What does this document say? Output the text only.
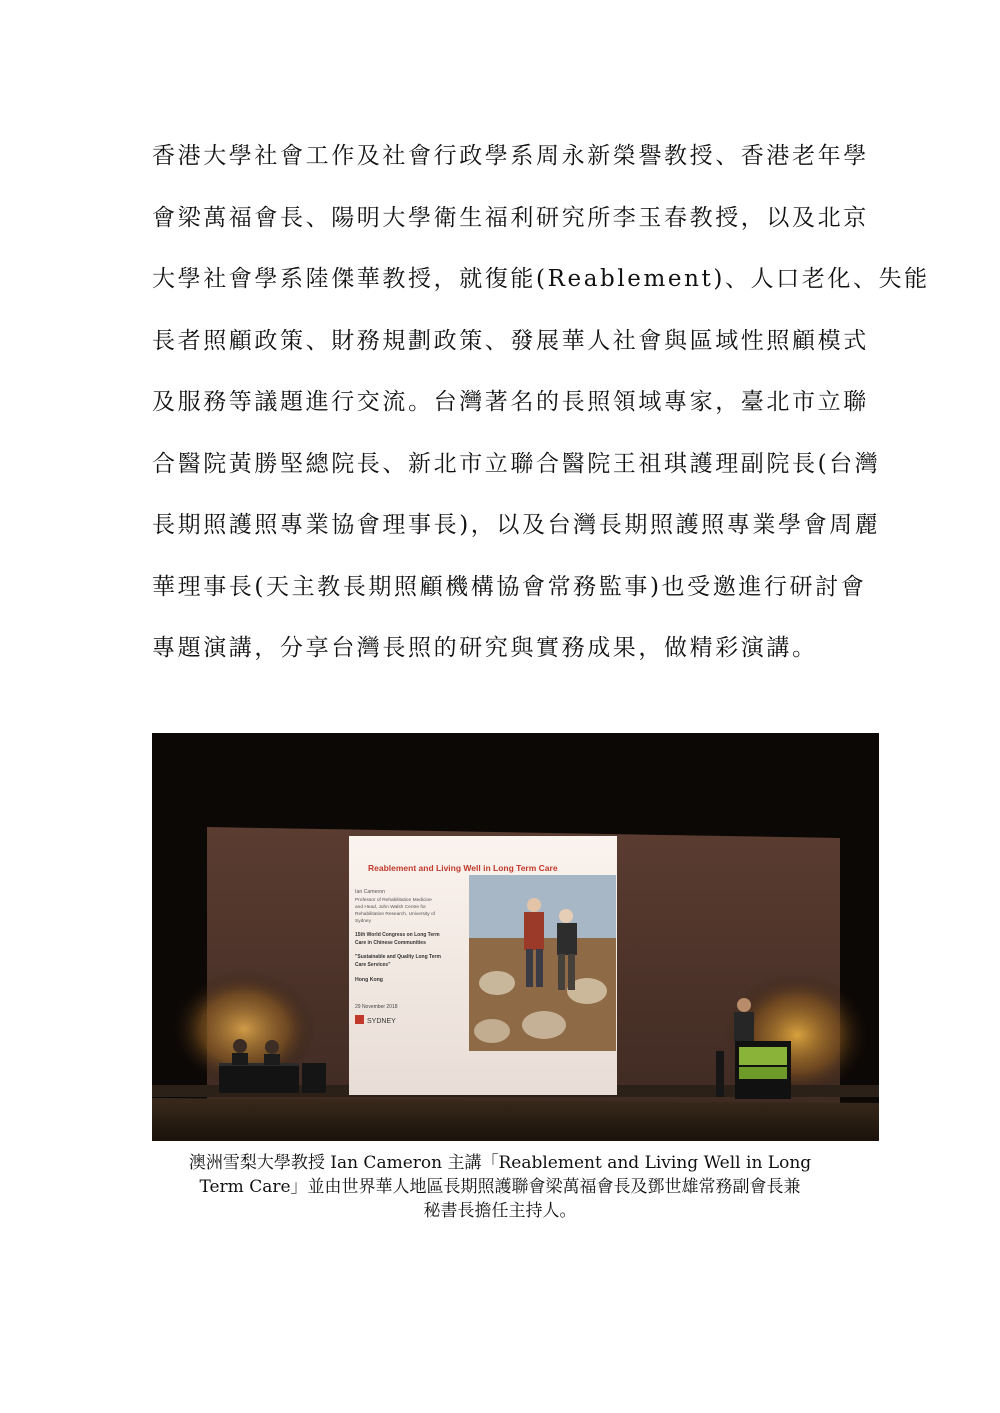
香港大學社會工作及社會行政學系周永新榮譽教授、香港老年學
會梁萬福會長、陽明大學衛生福利研究所李玉春教授，以及北京
大學社會學系陸傑華教授，就復能(Reablement)、人口老化、失能
長者照顧政策、財務規劃政策、發展華人社會與區域性照顧模式
及服務等議題進行交流。台灣著名的長照領域專家，臺北市立聯
合醫院黃勝堅總院長、新北市立聯合醫院王祖琪護理副院長(台灣
長期照護照專業協會理事長)，以及台灣長期照護照專業學會周麗
華理事長(天主教長期照顧機構協會常務監事)也受邀進行研討會
專題演講，分享台灣長照的研究與實務成果，做精彩演講。
Reablement and Living Well in Long Term Care
Ian Cameron
Professor of Rehabilitation Medicine
and Head, John Walsh Centre for
Rehabilitation Research, University of
Sydney
15th World Congress on Long Term
Care in Chinese Communities
"Sustainable and Quality Long Term
Care Services"
Hong Kong
29 November 2018
SYDNEY
澳洲雪梨大學教授 Ian Cameron 主講「Reablement and Living Well in Long
Term Care」並由世界華人地區長期照護聯會梁萬福會長及鄧世雄常務副會長兼
秘書長擔任主持人。
